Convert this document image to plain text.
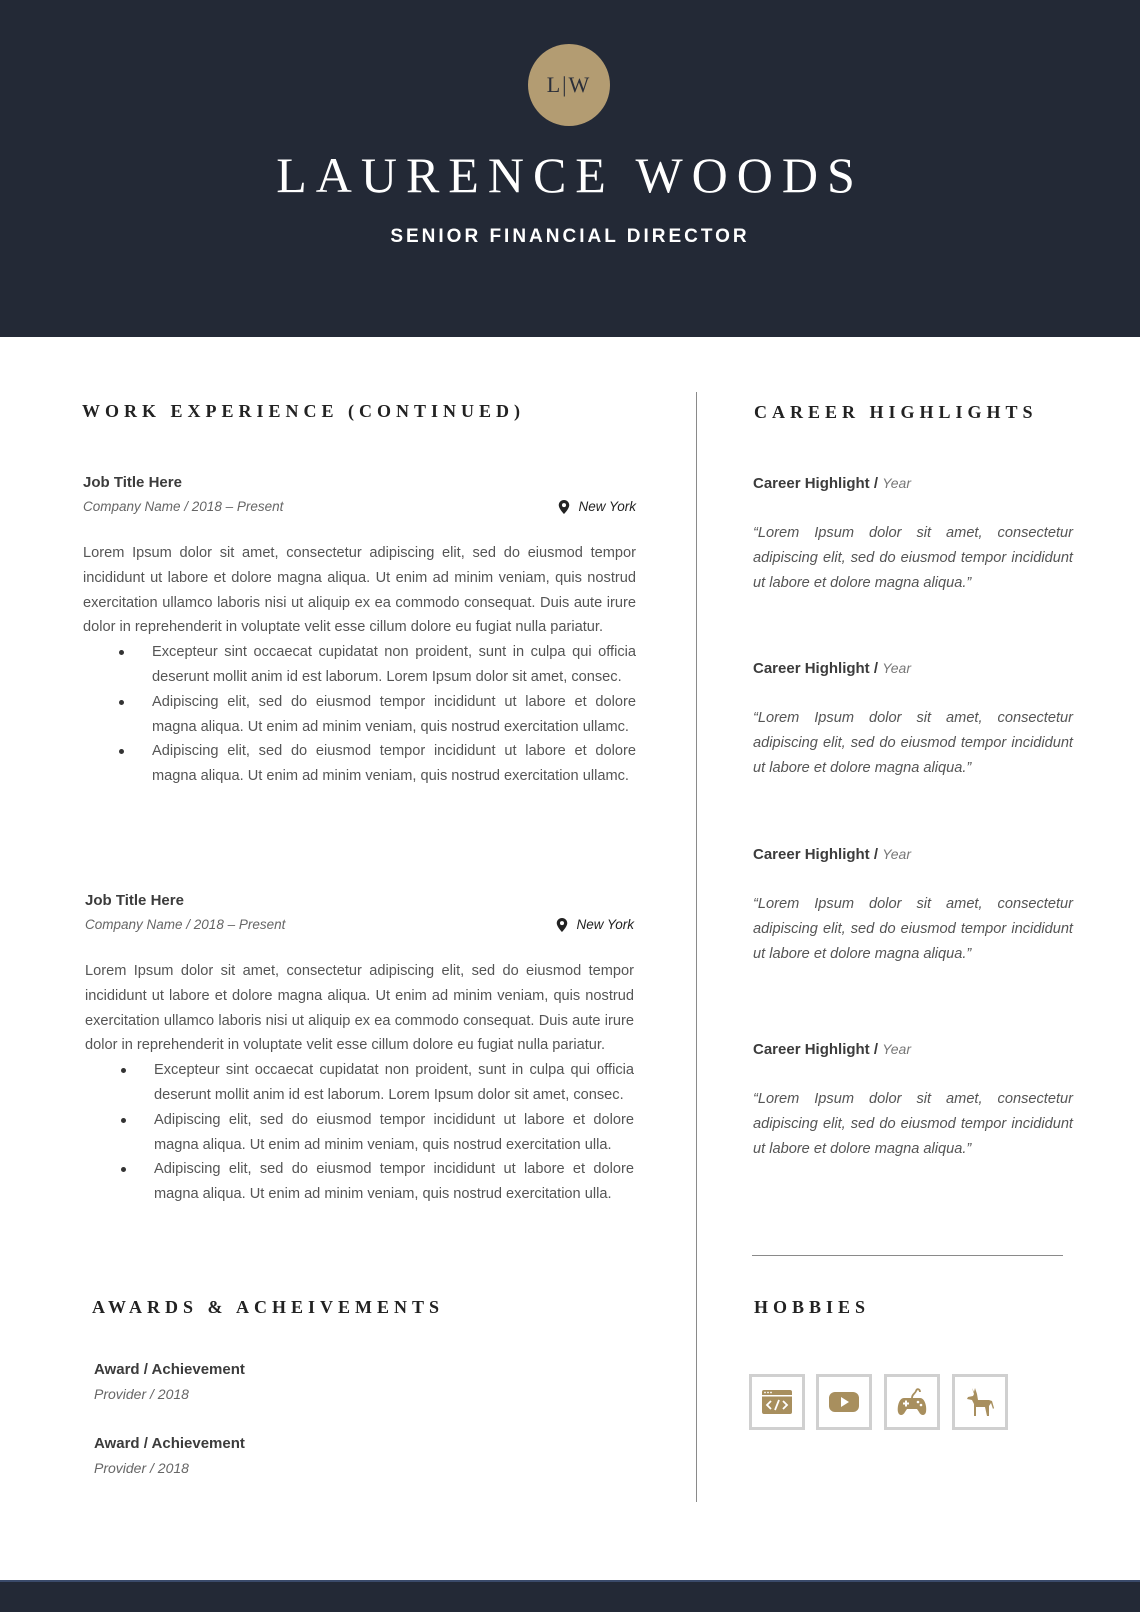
L|W
LAURENCE WOODS
SENIOR FINANCIAL DIRECTOR
WORK EXPERIENCE (CONTINUED)
Job Title Here
Company Name / 2018 – Present	New York
Lorem Ipsum dolor sit amet, consectetur adipiscing elit, sed do eiusmod tempor incididunt ut labore et dolore magna aliqua. Ut enim ad minim veniam, quis nostrud exercitation ullamco laboris nisi ut aliquip ex ea commodo consequat. Duis aute irure dolor in reprehenderit in voluptate velit esse cillum dolore eu fugiat nulla pariatur.
Excepteur sint occaecat cupidatat non proident, sunt in culpa qui officia deserunt mollit anim id est laborum. Lorem Ipsum dolor sit amet, consec.
Adipiscing elit, sed do eiusmod tempor incididunt ut labore et dolore magna aliqua. Ut enim ad minim veniam, quis nostrud exercitation ullamc.
Adipiscing elit, sed do eiusmod tempor incididunt ut labore et dolore magna aliqua. Ut enim ad minim veniam, quis nostrud exercitation ullamc.
Job Title Here
Company Name / 2018 – Present	New York
Lorem Ipsum dolor sit amet, consectetur adipiscing elit, sed do eiusmod tempor incididunt ut labore et dolore magna aliqua. Ut enim ad minim veniam, quis nostrud exercitation ullamco laboris nisi ut aliquip ex ea commodo consequat. Duis aute irure dolor in reprehenderit in voluptate velit esse cillum dolore eu fugiat nulla pariatur.
Excepteur sint occaecat cupidatat non proident, sunt in culpa qui officia deserunt mollit anim id est laborum. Lorem Ipsum dolor sit amet, consec.
Adipiscing elit, sed do eiusmod tempor incididunt ut labore et dolore magna aliqua. Ut enim ad minim veniam, quis nostrud exercitation ulla.
Adipiscing elit, sed do eiusmod tempor incididunt ut labore et dolore magna aliqua. Ut enim ad minim veniam, quis nostrud exercitation ulla.
AWARDS & ACHEIVEMENTS
Award / Achievement
Provider / 2018
Award / Achievement
Provider / 2018
CAREER HIGHLIGHTS
Career Highlight / Year
“Lorem Ipsum dolor sit amet, consectetur adipiscing elit, sed do eiusmod tempor incididunt ut labore et dolore magna aliqua.”
Career Highlight / Year
“Lorem Ipsum dolor sit amet, consectetur adipiscing elit, sed do eiusmod tempor incididunt ut labore et dolore magna aliqua.”
Career Highlight / Year
“Lorem Ipsum dolor sit amet, consectetur adipiscing elit, sed do eiusmod tempor incididunt ut labore et dolore magna aliqua.”
Career Highlight / Year
“Lorem Ipsum dolor sit amet, consectetur adipiscing elit, sed do eiusmod tempor incididunt ut labore et dolore magna aliqua.”
HOBBIES
